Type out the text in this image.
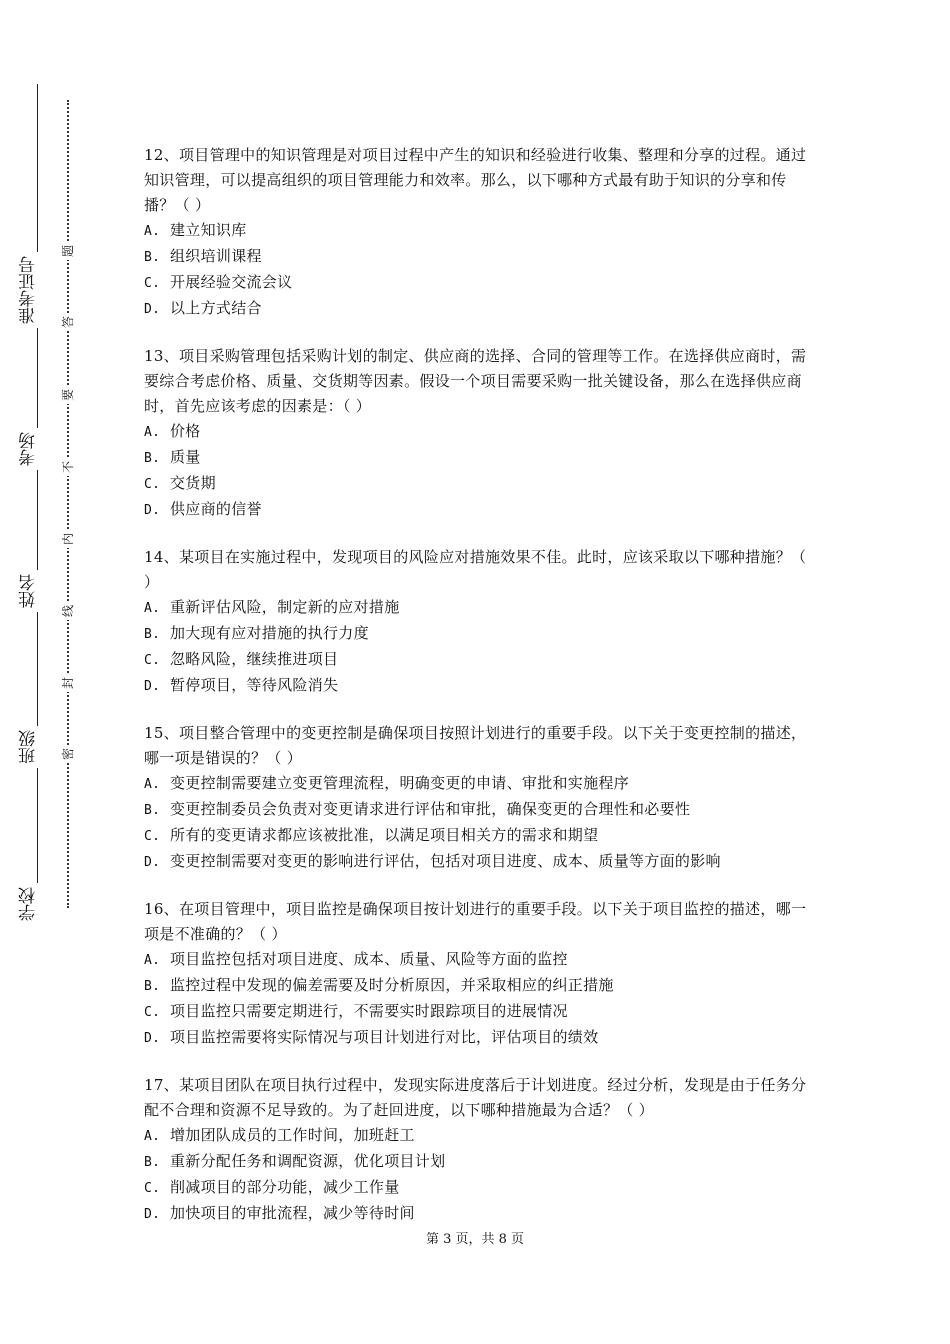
准考证号
考场
姓名
班级
学校
题
答
要
不
内
线
封
密

12、项目管理中的知识管理是对项目过程中产生的知识和经验进行收集、整理和分享的过程。通过知识管理，可以提高组织的项目管理能力和效率。那么，以下哪种方式最有助于知识的分享和传播？（ ）

A. 建立知识库

B. 组织培训课程

C. 开展经验交流会议

D. 以上方式结合

13、项目采购管理包括采购计划的制定、供应商的选择、合同的管理等工作。在选择供应商时，需要综合考虑价格、质量、交货期等因素。假设一个项目需要采购一批关键设备，那么在选择供应商时，首先应该考虑的因素是：（ ）

A. 价格

B. 质量

C. 交货期

D. 供应商的信誉

14、某项目在实施过程中，发现项目的风险应对措施效果不佳。此时，应该采取以下哪种措施？（ ）

A. 重新评估风险，制定新的应对措施

B. 加大现有应对措施的执行力度

C. 忽略风险，继续推进项目

D. 暂停项目，等待风险消失

15、项目整合管理中的变更控制是确保项目按照计划进行的重要手段。以下关于变更控制的描述，哪一项是错误的？（ ）

A. 变更控制需要建立变更管理流程，明确变更的申请、审批和实施程序

B. 变更控制委员会负责对变更请求进行评估和审批，确保变更的合理性和必要性

C. 所有的变更请求都应该被批准，以满足项目相关方的需求和期望

D. 变更控制需要对变更的影响进行评估，包括对项目进度、成本、质量等方面的影响

16、在项目管理中，项目监控是确保项目按计划进行的重要手段。以下关于项目监控的描述，哪一项是不准确的？（ ）

A. 项目监控包括对项目进度、成本、质量、风险等方面的监控

B. 监控过程中发现的偏差需要及时分析原因，并采取相应的纠正措施

C. 项目监控只需要定期进行，不需要实时跟踪项目的进展情况

D. 项目监控需要将实际情况与项目计划进行对比，评估项目的绩效

17、某项目团队在项目执行过程中，发现实际进度落后于计划进度。经过分析，发现是由于任务分配不合理和资源不足导致的。为了赶回进度，以下哪种措施最为合适？（ ）

A. 增加团队成员的工作时间，加班赶工

B. 重新分配任务和调配资源，优化项目计划

C. 削减项目的部分功能，减少工作量

D. 加快项目的审批流程，减少等待时间

第 3 页，共 8 页
